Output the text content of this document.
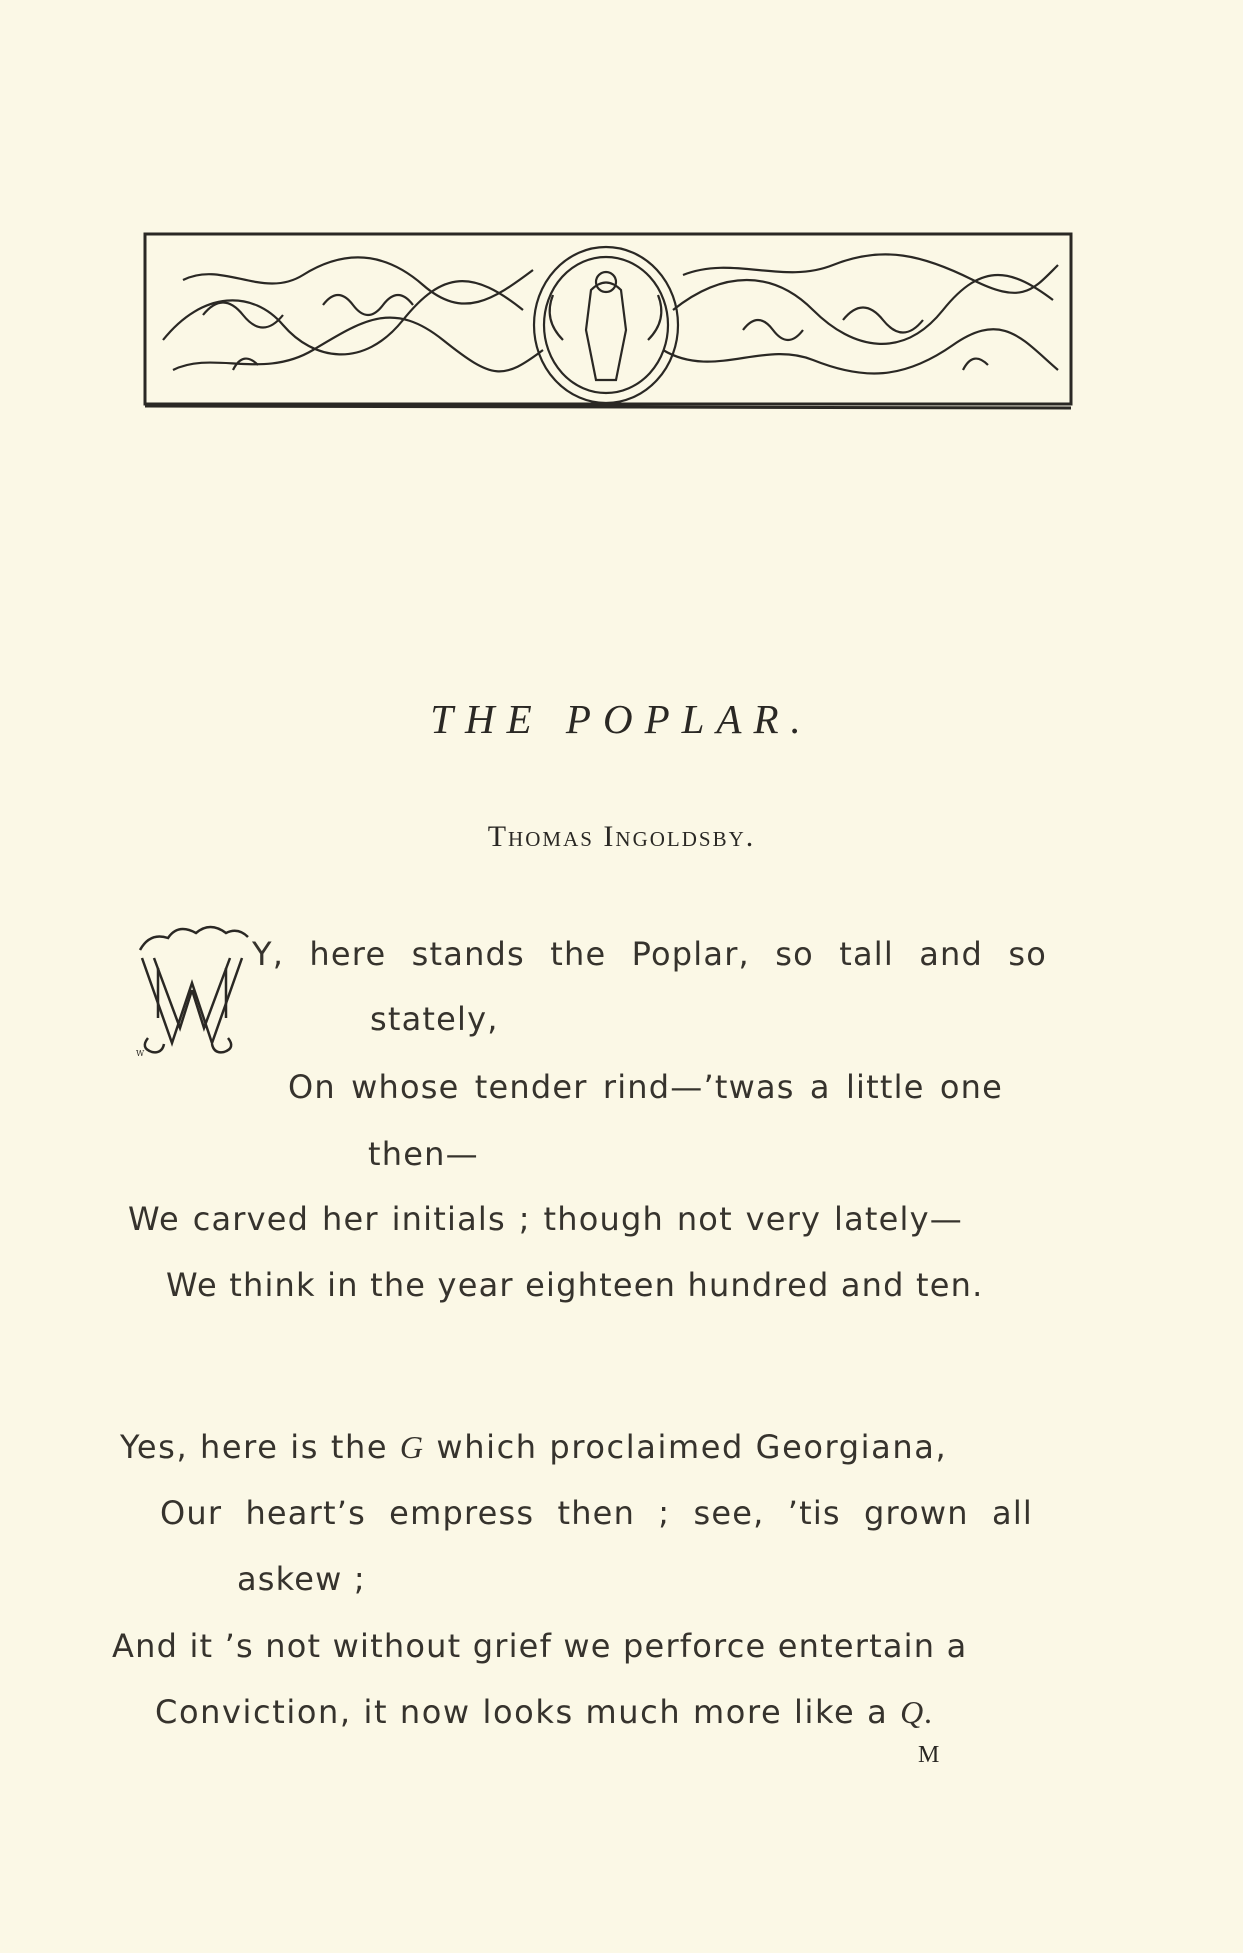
THE POPLAR.
Thomas Ingoldsby.
W
Y, here stands the Poplar, so tall and so
stately,
On whose tender rind—’twas a little one
then—
We carved her initials ; though not very lately—
We think in the year eighteen hundred and ten.
Yes, here is the G which proclaimed Georgiana,
Our heart’s empress then ; see, ’tis grown all
askew ;
And it ’s not without grief we perforce entertain a
Conviction, it now looks much more like a Q.
M
